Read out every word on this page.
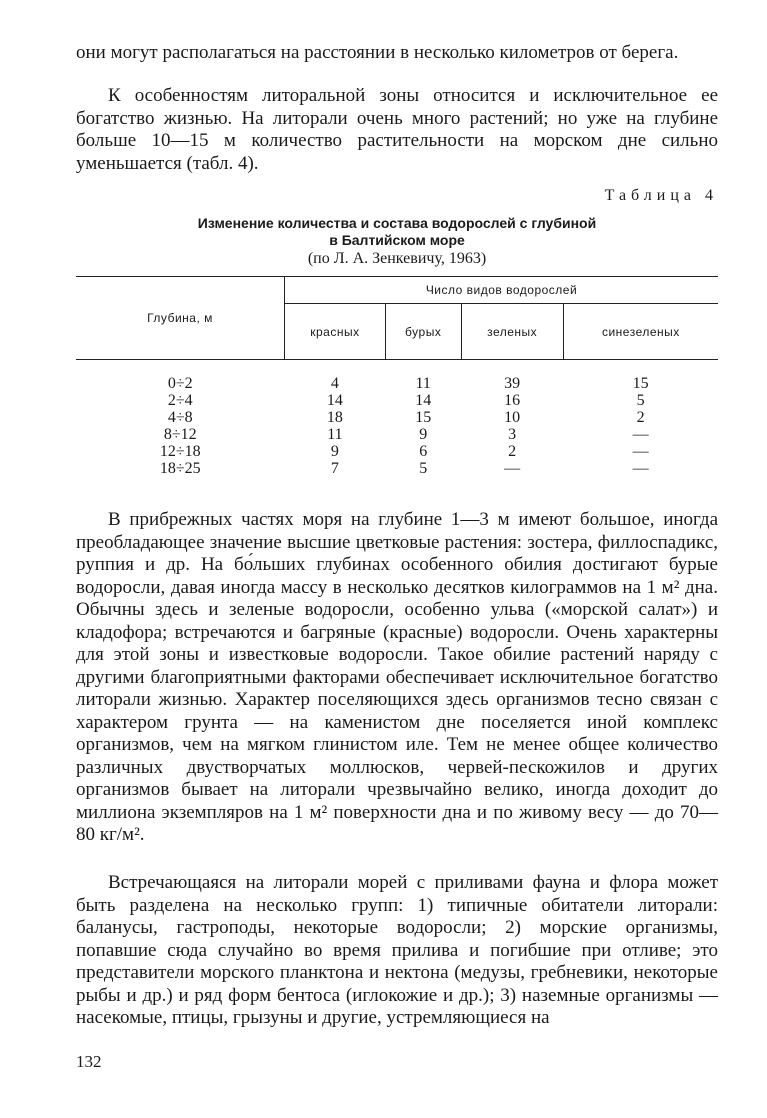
они могут располагаться на расстоянии в несколько километров от берега.

К особенностям литоральной зоны относится и исключительное ее богатство жизнью. На литорали очень много растений; но уже на глубине больше 10—15 м количество растительности на морском дне сильно уменьшается (табл. 4).

Таблица 4
Изменение количества и состава водорослей с глубиной
в Балтийском море
(по Л. А. Зенкевичу, 1963)
Глубина, м	Число видов водорослей			
	красных	бурых	зеленых	синезеленых

0÷2	4	11	39	15
2÷4	14	14	16	5
4÷8	18	15	10	2
8÷12	11	9	3	—
12÷18	9	6	2	—
18÷25	7	5	—	—

В прибрежных частях моря на глубине 1—3 м имеют большое, иногда преобладающее значение высшие цветковые растения: зостера, филлоспадикс, руппия и др. На бо́льших глубинах особенного обилия достигают бурые водоросли, давая иногда массу в несколько десятков килограммов на 1 м² дна. Обычны здесь и зеленые водоросли, особенно ульва («морской салат») и кладофора; встречаются и багряные (красные) водоросли. Очень характерны для этой зоны и известковые водоросли. Такое обилие растений наряду с другими благоприятными факторами обеспечивает исключительное богатство литорали жизнью. Характер поселяющихся здесь организмов тесно связан с характером грунта — на каменистом дне поселяется иной комплекс организмов, чем на мягком глинистом иле. Тем не менее общее количество различных двустворчатых моллюсков, червей-пескожилов и других организмов бывает на литорали чрезвычайно велико, иногда доходит до миллиона экземпляров на 1 м² поверхности дна и по живому весу — до 70—80 кг/м².

Встречающаяся на литорали морей с приливами фауна и флора может быть разделена на несколько групп: 1) типичные обитатели литорали: баланусы, гастроподы, некоторые водоросли; 2) морские организмы, попавшие сюда случайно во время прилива и погибшие при отливе; это представители морского планктона и нектона (медузы, гребневики, некоторые рыбы и др.) и ряд форм бентоса (иглокожие и др.); 3) наземные организмы — насекомые, птицы, грызуны и другие, устремляющиеся на

132
